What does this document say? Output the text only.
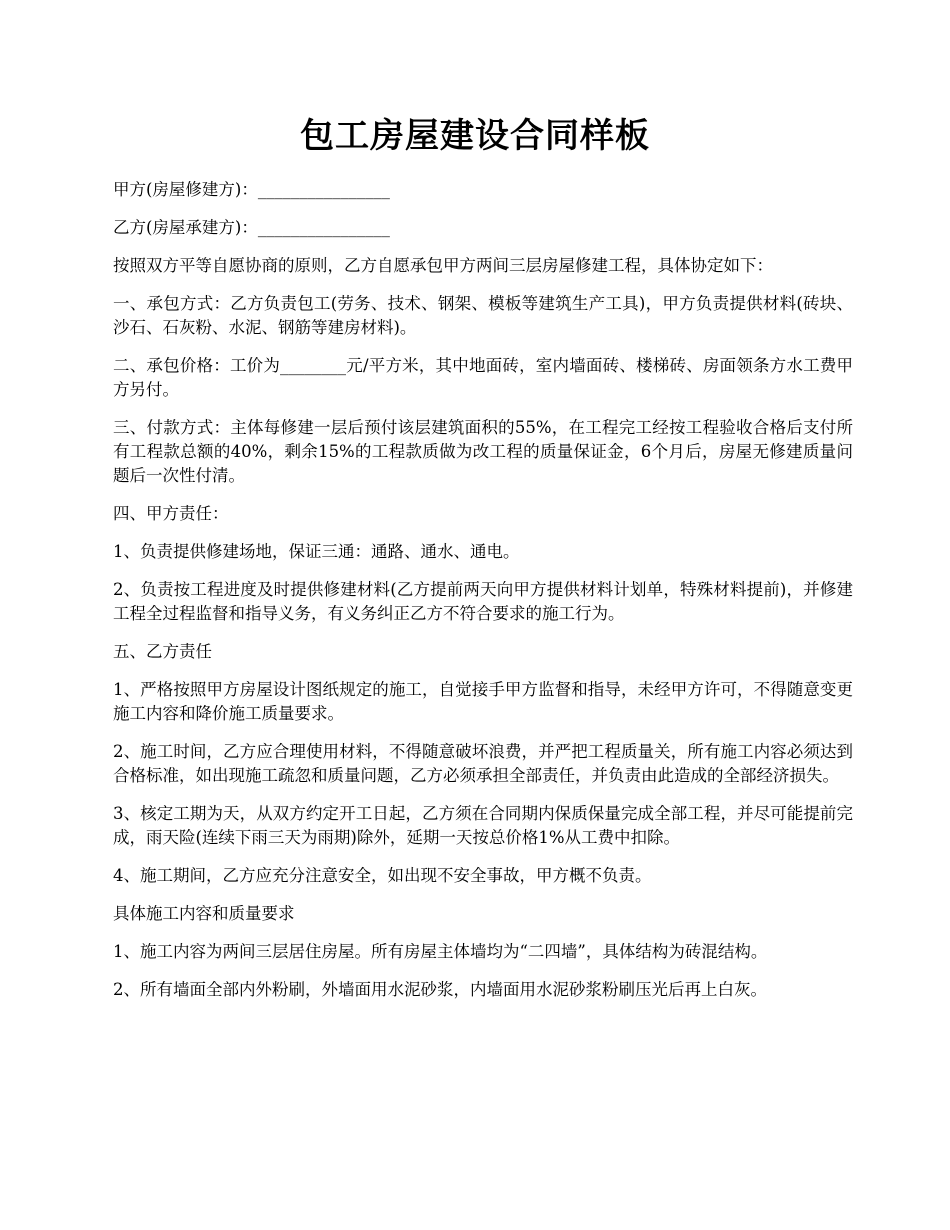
包工房屋建设合同样板

甲方(房屋修建方)：________________

乙方(房屋承建方)：________________

按照双方平等自愿协商的原则，乙方自愿承包甲方两间三层房屋修建工程，具体协定如下：

一、承包方式：乙方负责包工(劳务、技术、钢架、模板等建筑生产工具)，甲方负责提供材料(砖块、沙石、石灰粉、水泥、钢筋等建房材料)。

二、承包价格：工价为________元/平方米，其中地面砖，室内墙面砖、楼梯砖、房面领条方水工费甲方另付。

三、付款方式：主体每修建一层后预付该层建筑面积的55%，在工程完工经按工程验收合格后支付所有工程款总额的40%，剩余15%的工程款质做为改工程的质量保证金，6个月后，房屋无修建质量问题后一次性付清。

四、甲方责任：

1、负责提供修建场地，保证三通：通路、通水、通电。

2、负责按工程进度及时提供修建材料(乙方提前两天向甲方提供材料计划单，特殊材料提前)，并修建工程全过程监督和指导义务，有义务纠正乙方不符合要求的施工行为。

五、乙方责任

1、严格按照甲方房屋设计图纸规定的施工，自觉接手甲方监督和指导，未经甲方许可，不得随意变更施工内容和降价施工质量要求。

2、施工时间，乙方应合理使用材料，不得随意破坏浪费，并严把工程质量关，所有施工内容必须达到合格标准，如出现施工疏忽和质量问题，乙方必须承担全部责任，并负责由此造成的全部经济损失。

3、核定工期为天，从双方约定开工日起，乙方须在合同期内保质保量完成全部工程，并尽可能提前完成，雨天险(连续下雨三天为雨期)除外，延期一天按总价格1%从工费中扣除。

4、施工期间，乙方应充分注意安全，如出现不安全事故，甲方概不负责。

具体施工内容和质量要求

1、施工内容为两间三层居住房屋。所有房屋主体墙均为“二四墙”，具体结构为砖混结构。

2、所有墙面全部内外粉刷，外墙面用水泥砂浆，内墙面用水泥砂浆粉刷压光后再上白灰。
